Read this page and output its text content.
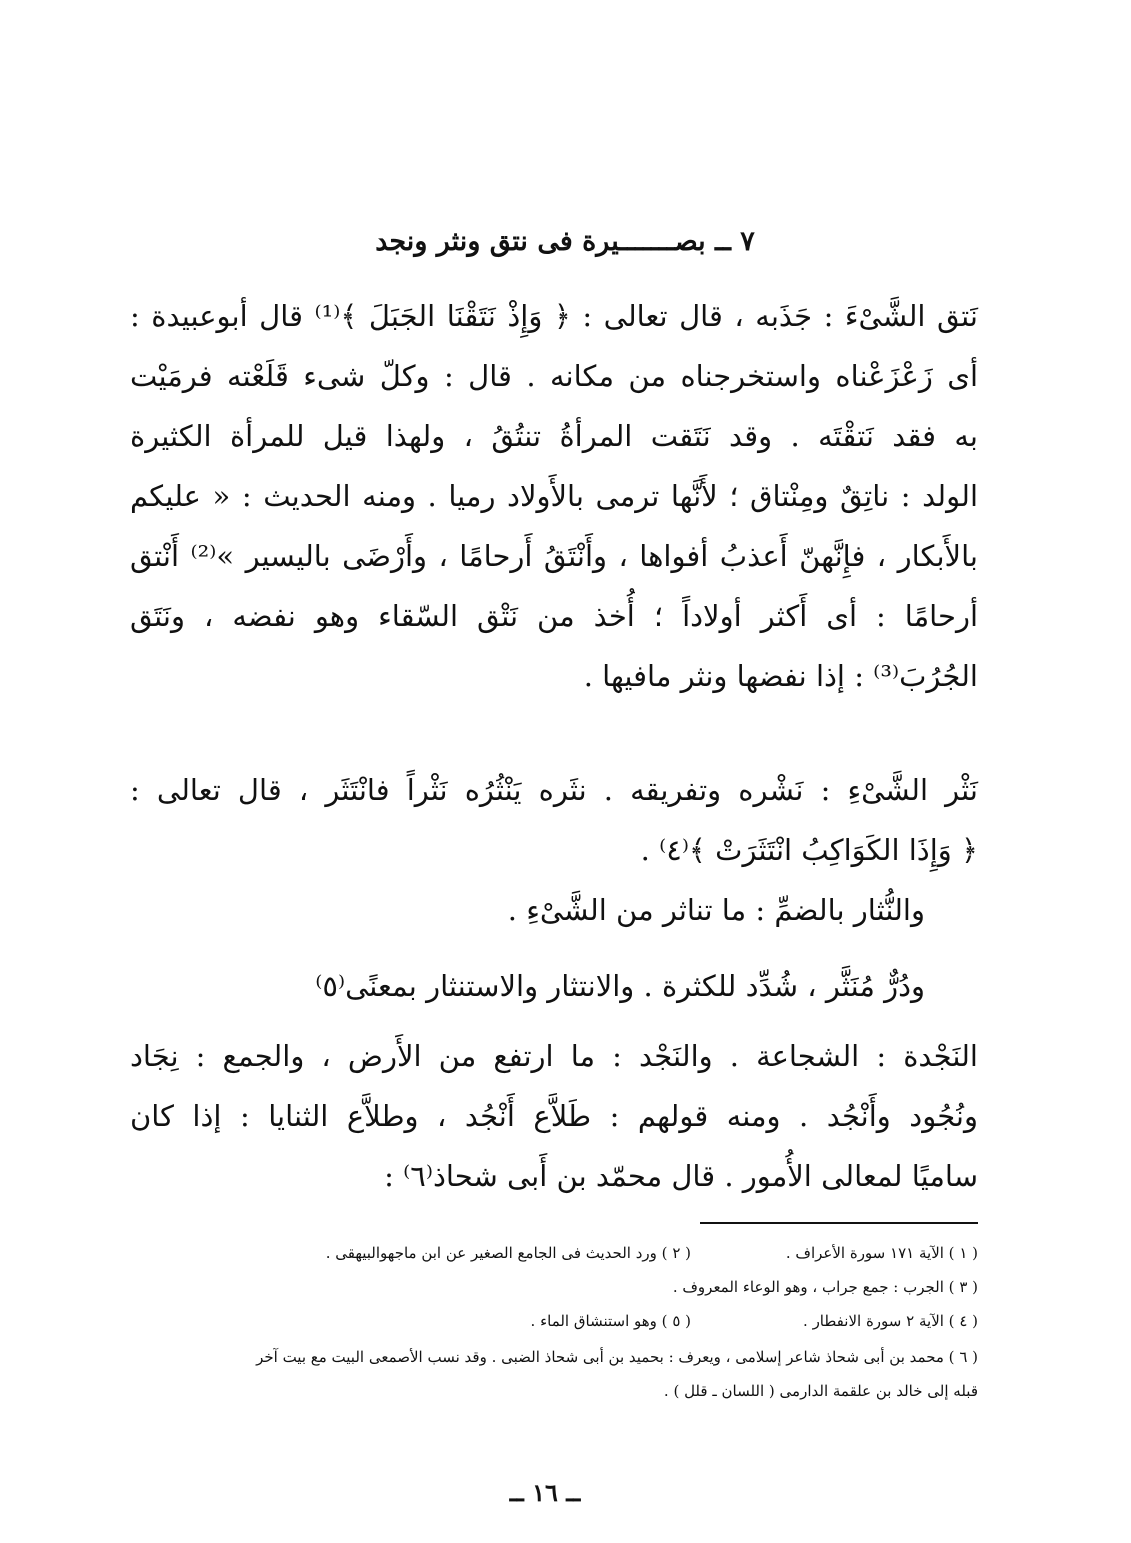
٧ ــ بصـــــــيرة فى نتق ونثر ونجد
نَتق الشَّىْءَ : جَذَبه ، قال تعالى : ﴿ وَإِذْ نَتَقْنَا الجَبَلَ ﴾⁽¹⁾ قال أبوعبيدة :
أى زَعْزَعْناه واستخرجناه من مكانه . قال : وكلّ شىء قَلَعْته فرمَيْت
به فقد نَتقْتَه . وقد نَتَقت المرأةُ تنتُقُ ، ولهذا قيل للمرأة الكثيرة
الولد : ناتِقٌ ومِنْتاق ؛ لأَنَّها ترمى بالأَولاد رميا . ومنه الحديث : « عليكم
بالأَبكار ، فإِنَّهنّ أَعذبُ أفواها ، وأَنْتَقُ أَرحامًا ، وأَرْضَى باليسير »⁽²⁾ أَنْتق
أرحامًا : أى أَكثر أولاداً ؛ أُخذ من نَتْق السّقاء وهو نفضه ، ونَتَق
الجُرُبَ⁽³⁾ : إذا نفضها ونثر مافيها .
نَثْر الشَّىْءِ : نَشْره وتفريقه . نثَره يَنْثُرُه نَثْراً فانْتَثَر ، قال تعالى :
﴿ وَإِذَا الكَوَاكِبُ انْتَثَرَتْ ﴾⁽٤⁾ .
والنُّثار بالضمِّ : ما تناثر من الشَّىْءِ .
ودُرٌّ مُنَثَّر ، شُدِّد للكثرة . والانتثار والاستنثار بمعنًى⁽٥⁾
النَجْدة : الشجاعة . والنَجْد : ما ارتفع من الأَرض ، والجمع : نِجَاد
ونُجُود وأَنْجُد . ومنه قولهم : طَلاَّع أَنْجُد ، وطلاَّع الثنايا : إذا كان
ساميًا لمعالى الأُمور . قال محمّد بن أَبى شحاذ⁽٦⁾ :
( ١ ) الآية ١٧١ سورة الأعراف .
( ٢ ) ورد الحديث فى الجامع الصغير عن ابن ماجهوالبيهقى .
( ٣ ) الجرب : جمع جراب ، وهو الوعاء المعروف .
( ٤ ) الآية ٢ سورة الانفطار .
( ٥ ) وهو استنشاق الماء .
( ٦ ) محمد بن أبى شحاذ شاعر إسلامى ، ويعرف : بحميد بن أبى شحاذ الضبى . وقد نسب الأصمعى البيت مع بيت آخر
قبله إلى خالد بن علقمة الدارمى ( اللسان ـ قلل ) .
ــ ١٦ ــ
